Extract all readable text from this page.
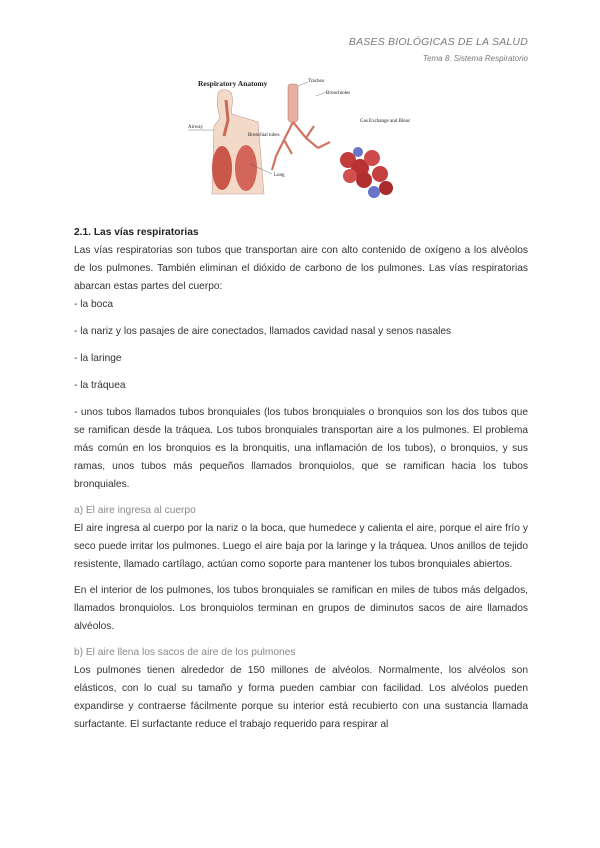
BASES BIOLÓGICAS DE LA SALUD
Tema 8. Sistema Respiratorio
Respiratory Anatomy
Airway
Lung
Trachea
Bronchial tubes
Bronchioles
Gas Exchange and Blood

2.1. Las vías respiratorias

Las vías respiratorias son tubos que transportan aire con alto contenido de oxígeno a los alvéolos de los pulmones. También eliminan el dióxido de carbono de los pulmones. Las vías respiratorias abarcan estas partes del cuerpo:

- la boca

- la nariz y los pasajes de aire conectados, llamados cavidad nasal y senos nasales

- la laringe

- la tráquea

- unos tubos llamados tubos bronquiales (los tubos bronquiales o bronquios son los dos tubos que se ramifican desde la tráquea. Los tubos bronquiales transportan aire a los pulmones. El problema más común en los bronquios es la bronquitis, una inflamación de los tubos), o bronquios, y sus ramas, unos tubos más pequeños llamados bronquiolos, que se ramifican hacia los tubos bronquiales.

a) El aire ingresa al cuerpo

El aire ingresa al cuerpo por la nariz o la boca, que humedece y calienta el aire, porque el aire frío y seco puede irritar los pulmones. Luego el aire baja por la laringe y la tráquea. Unos anillos de tejido resistente, llamado cartílago, actúan como soporte para mantener los tubos bronquiales abiertos.

En el interior de los pulmones, los tubos bronquiales se ramifican en miles de tubos más delgados, llamados bronquiolos. Los bronquiolos terminan en grupos de diminutos sacos de aire llamados alvéolos.

b) El aire llena los sacos de aire de los pulmones

Los pulmones tienen alrededor de 150 millones de alvéolos. Normalmente, los alvéolos son elásticos, con lo cual su tamaño y forma pueden cambiar con facilidad. Los alvéolos pueden expandirse y contraerse fácilmente porque su interior está recubierto con una sustancia llamada surfactante. El surfactante reduce el trabajo requerido para respirar al
